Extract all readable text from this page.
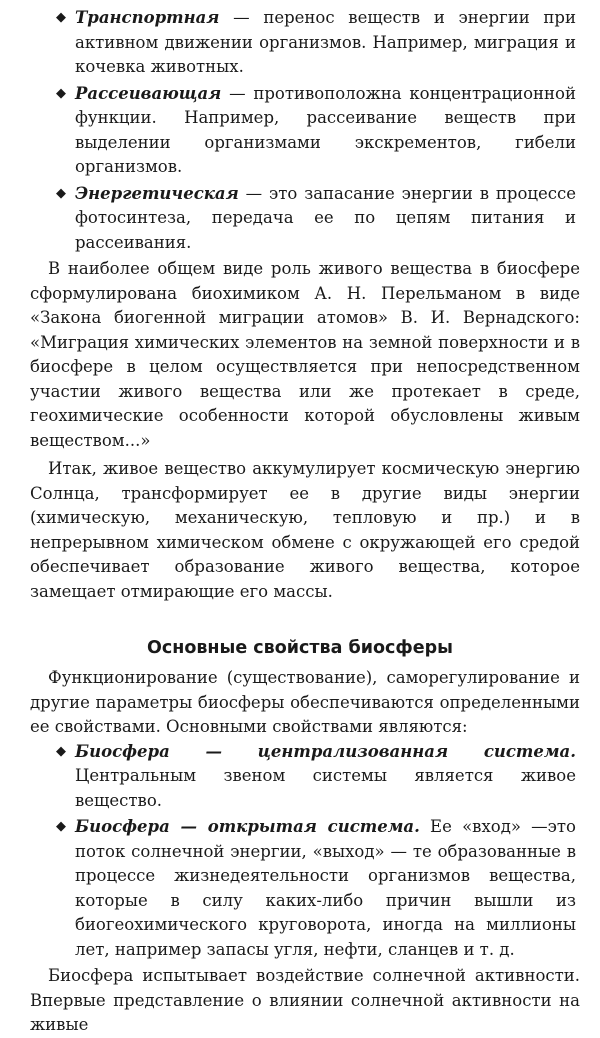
◆ Транспортная — перенос веществ и энергии при активном движении организмов. Например, миграция и кочевка животных.
◆ Рассеивающая — противоположна концентрационной функции. Например, рассеивание веществ при выделении организмами экскрементов, гибели организмов.
◆ Энергетическая — это запасание энергии в процессе фотосинтеза, передача ее по цепям питания и рассеивания.

В наиболее общем виде роль живого вещества в биосфере сформулирована биохимиком А. Н. Перельманом в виде «Закона биогенной миграции атомов» В. И. Вернадского: «Миграция химических элементов на земной поверхности и в биосфере в целом осуществляется при непосредственном участии живого вещества или же протекает в среде, геохимические особенности которой обусловлены живым веществом...»

Итак, живое вещество аккумулирует космическую энергию Солнца, трансформирует ее в другие виды энергии (химическую, механическую, тепловую и пр.) и в непрерывном химическом обмене с окружающей его средой обеспечивает образование живого вещества, которое замещает отмирающие его массы.

Основные свойства биосферы

Функционирование (существование), саморегулирование и другие параметры биосферы обеспечиваются определенными ее свойствами. Основными свойствами являются:

◆ Биосфера — централизованная система. Центральным звеном системы является живое вещество.
◆ Биосфера — открытая система. Ее «вход» —это поток солнечной энергии, «выход» — те образованные в процессе жизнедеятельности организмов вещества, которые в силу каких-либо причин вышли из биогеохимического круговорота, иногда на миллионы лет, например запасы угля, нефти, сланцев и т. д.

Биосфера испытывает воздействие солнечной активности. Впервые представление о влиянии солнечной активности на живые
